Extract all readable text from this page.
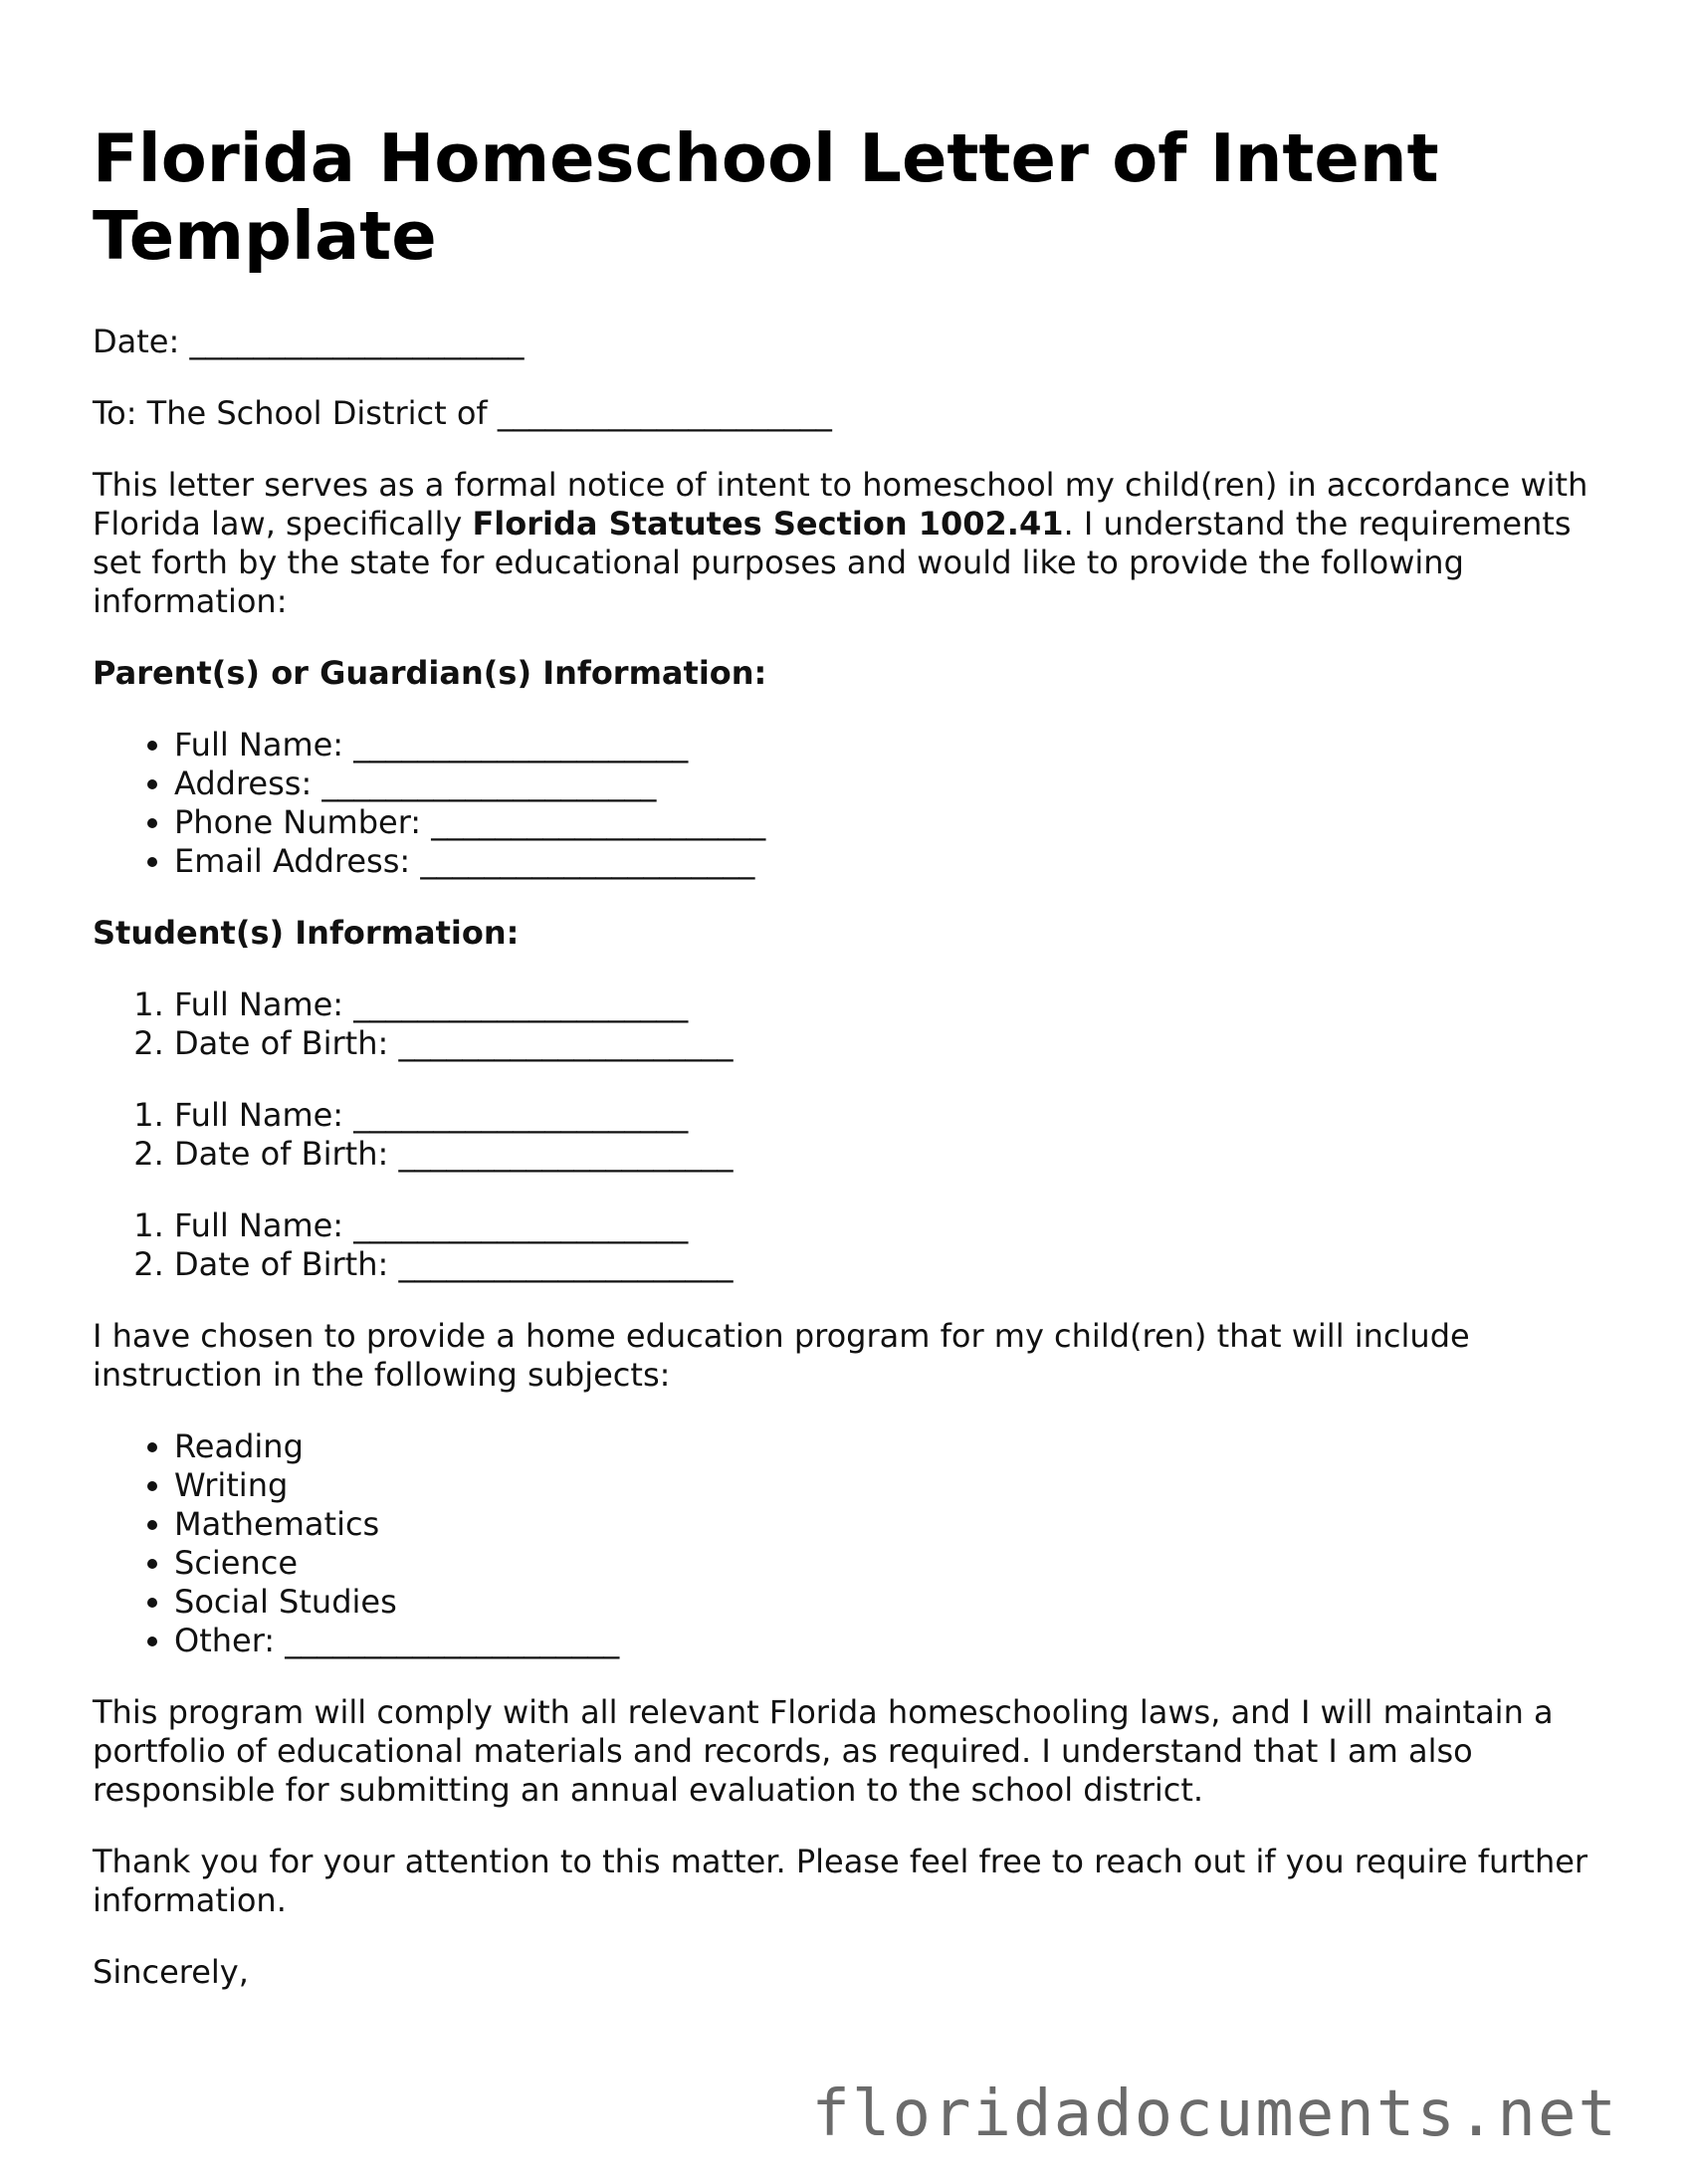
Florida Homeschool Letter of Intent Template

Date: _____________________

To: The School District of _____________________

This letter serves as a formal notice of intent to homeschool my child(ren) in accordance with Florida law, specifically Florida Statutes Section 1002.41. I understand the requirements set forth by the state for educational purposes and would like to provide the following information:

Parent(s) or Guardian(s) Information:

• Full Name: _____________________
• Address: _____________________
• Phone Number: _____________________
• Email Address: _____________________

Student(s) Information:

1. Full Name: _____________________
2. Date of Birth: _____________________
1. Full Name: _____________________
2. Date of Birth: _____________________
1. Full Name: _____________________
2. Date of Birth: _____________________

I have chosen to provide a home education program for my child(ren) that will include instruction in the following subjects:

• Reading
• Writing
• Mathematics
• Science
• Social Studies
• Other: _____________________

This program will comply with all relevant Florida homeschooling laws, and I will maintain a portfolio of educational materials and records, as required. I understand that I am also responsible for submitting an annual evaluation to the school district.

Thank you for your attention to this matter. Please feel free to reach out if you require further information.

Sincerely,

floridadocuments.net
